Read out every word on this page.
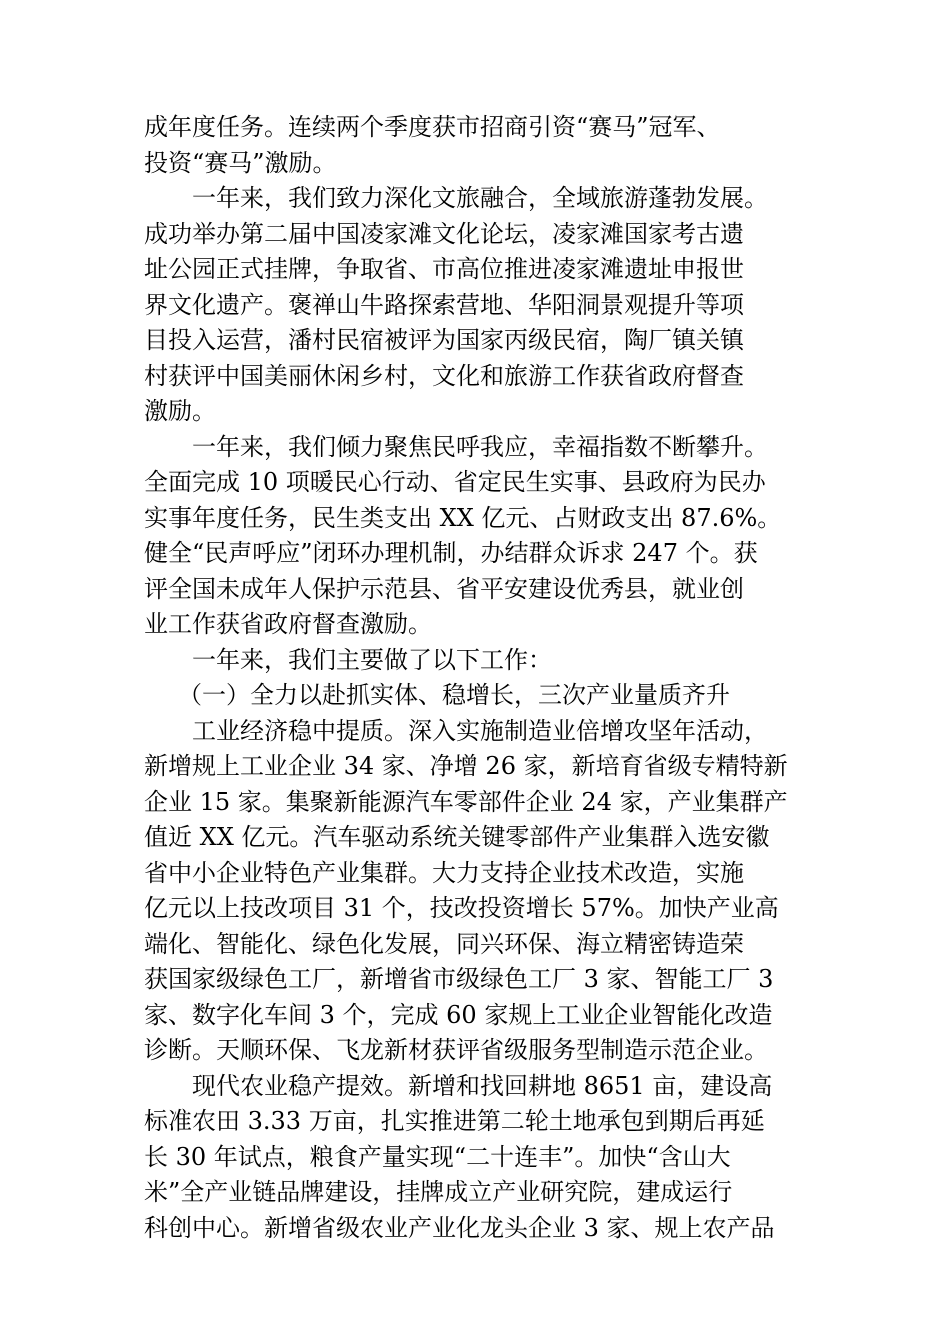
成年度任务。连续两个季度获市招商引资“赛马”冠军、
投资“赛马”激励。
一年来，我们致力深化文旅融合，全域旅游蓬勃发展。
成功举办第二届中国凌家滩文化论坛，凌家滩国家考古遗
址公园正式挂牌，争取省、市高位推进凌家滩遗址申报世
界文化遗产。褒禅山牛路探索营地、华阳洞景观提升等项
目投入运营，潘村民宿被评为国家丙级民宿，陶厂镇关镇
村获评中国美丽休闲乡村，文化和旅游工作获省政府督查
激励。
一年来，我们倾力聚焦民呼我应，幸福指数不断攀升。
全面完成 10 项暖民心行动、省定民生实事、县政府为民办
实事年度任务，民生类支出 XX 亿元、占财政支出 87.6%。
健全“民声呼应”闭环办理机制，办结群众诉求 247 个。获
评全国未成年人保护示范县、省平安建设优秀县，就业创
业工作获省政府督查激励。
一年来，我们主要做了以下工作：
（一）全力以赴抓实体、稳增长，三次产业量质齐升
工业经济稳中提质。深入实施制造业倍增攻坚年活动，
新增规上工业企业 34 家、净增 26 家，新培育省级专精特新
企业 15 家。集聚新能源汽车零部件企业 24 家，产业集群产
值近 XX 亿元。汽车驱动系统关键零部件产业集群入选安徽
省中小企业特色产业集群。大力支持企业技术改造，实施
亿元以上技改项目 31 个，技改投资增长 57%。加快产业高
端化、智能化、绿色化发展，同兴环保、海立精密铸造荣
获国家级绿色工厂，新增省市级绿色工厂 3 家、智能工厂 3
家、数字化车间 3 个，完成 60 家规上工业企业智能化改造
诊断。天顺环保、飞龙新材获评省级服务型制造示范企业。
现代农业稳产提效。新增和找回耕地 8651 亩，建设高
标准农田 3.33 万亩，扎实推进第二轮土地承包到期后再延
长 30 年试点，粮食产量实现“二十连丰”。加快“含山大
米”全产业链品牌建设，挂牌成立产业研究院，建成运行
科创中心。新增省级农业产业化龙头企业 3 家、规上农产品
